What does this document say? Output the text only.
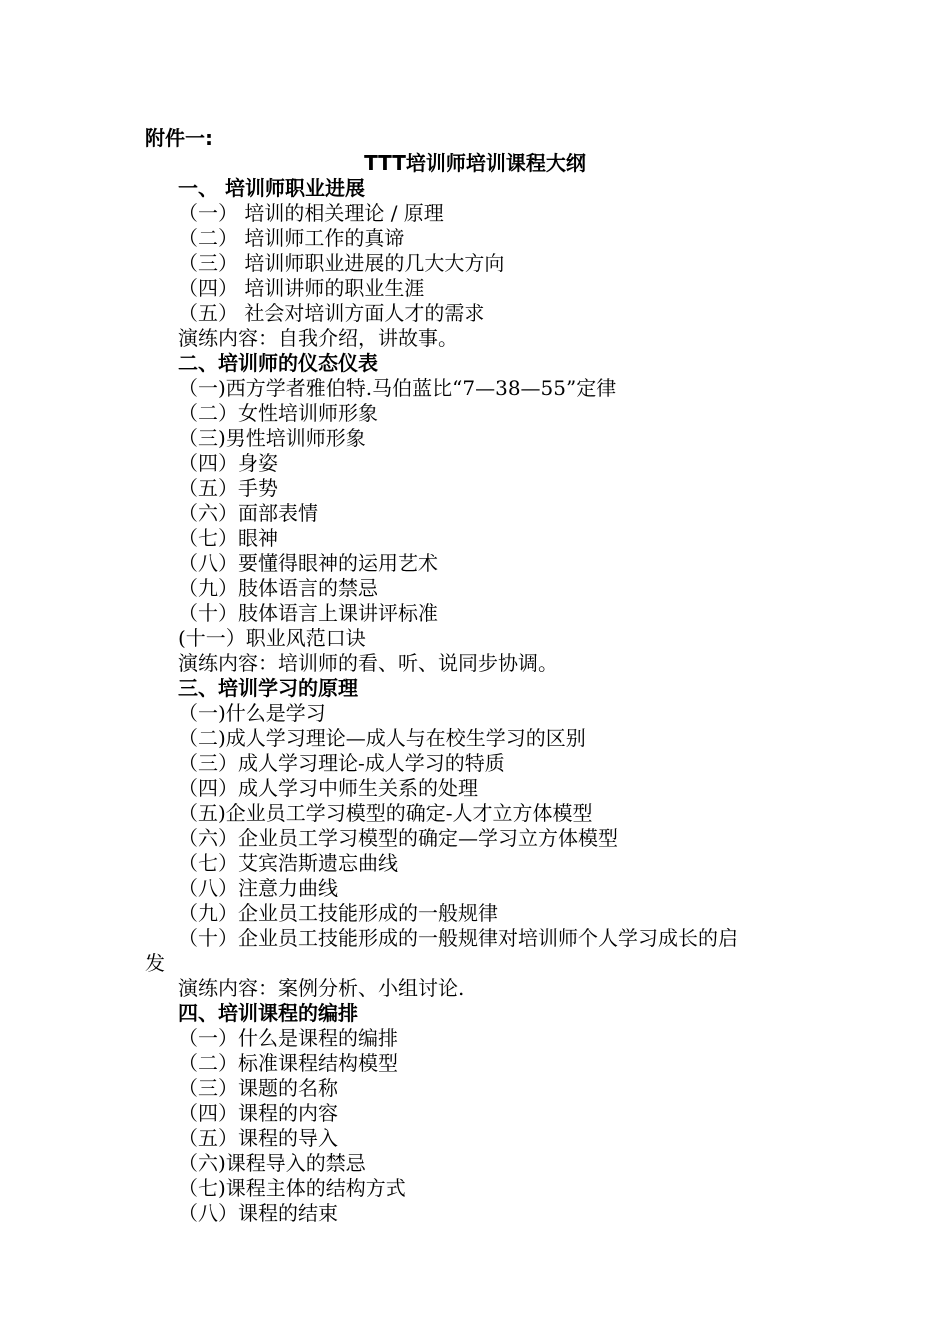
附件一:
TTT培训师培训课程大纲
一、 培训师职业进展
（一） 培训的相关理论 / 原理
（二） 培训师工作的真谛
（三） 培训师职业进展的几大大方向
（四） 培训讲师的职业生涯
（五） 社会对培训方面人才的需求
演练内容：自我介绍，讲故事。
二、培训师的仪态仪表
（一)西方学者雅伯特.马伯蓝比“7—38—55”定律
（二）女性培训师形象
（三)男性培训师形象
（四）身姿
（五）手势
（六）面部表情
（七）眼神
（八）要懂得眼神的运用艺术
（九）肢体语言的禁忌
（十）肢体语言上课讲评标准
(十一）职业风范口诀
演练内容：培训师的看、听、说同步协调。
三、培训学习的原理
（一)什么是学习
（二)成人学习理论—成人与在校生学习的区别
（三）成人学习理论-成人学习的特质
（四）成人学习中师生关系的处理
（五)企业员工学习模型的确定-人才立方体模型
（六）企业员工学习模型的确定—学习立方体模型
（七）艾宾浩斯遗忘曲线
（八）注意力曲线
（九）企业员工技能形成的一般规律
（十）企业员工技能形成的一般规律对培训师个人学习成长的启
发
演练内容：案例分析、小组讨论.
四、培训课程的编排
（一）什么是课程的编排
（二）标准课程结构模型
（三）课题的名称
（四）课程的内容
（五）课程的导入
（六)课程导入的禁忌
（七)课程主体的结构方式
（八）课程的结束
